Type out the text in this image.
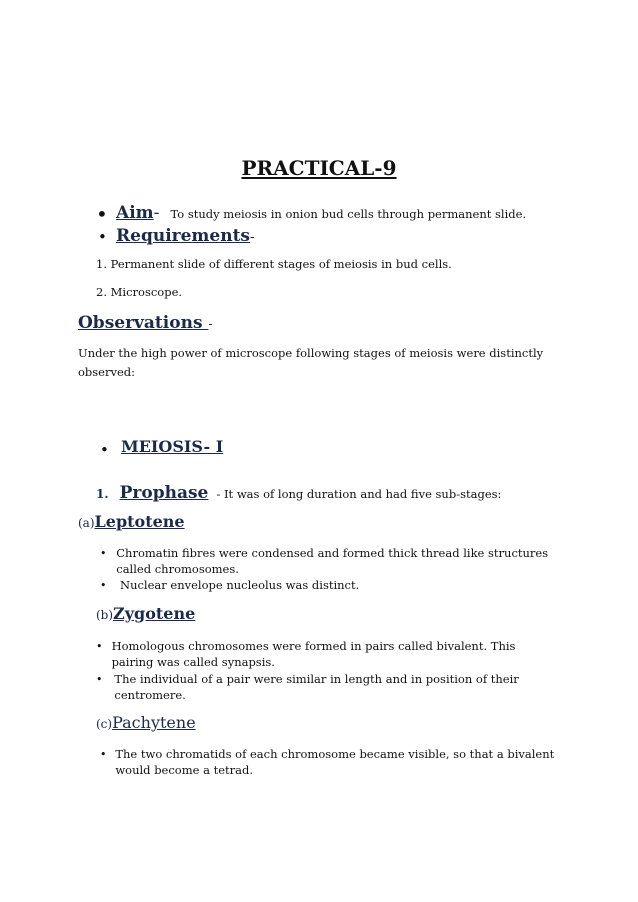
PRACTICAL-9
• Aim- To study meiosis in onion bud cells through permanent slide.
• Requirements-
1. Permanent slide of different stages of meiosis in bud cells.
2. Microscope.
Observations -
Under the high power of microscope following stages of meiosis were distinctly
observed:
• MEIOSIS- I
1. Prophase - It was of long duration and had five sub-stages:
(a)Leptotene
• Chromatin fibres were condensed and formed thick thread like structures called chromosomes.
•	Nuclear envelope nucleolus was distinct.
(b)Zygotene
• Homologous chromosomes were formed in pairs called bivalent. This pairing was called synapsis.
•	The individual of a pair were similar in length and in position of their centromere.
(c)Pachytene
• The two chromatids of each chromosome became visible, so that a bivalent would become a tetrad.
